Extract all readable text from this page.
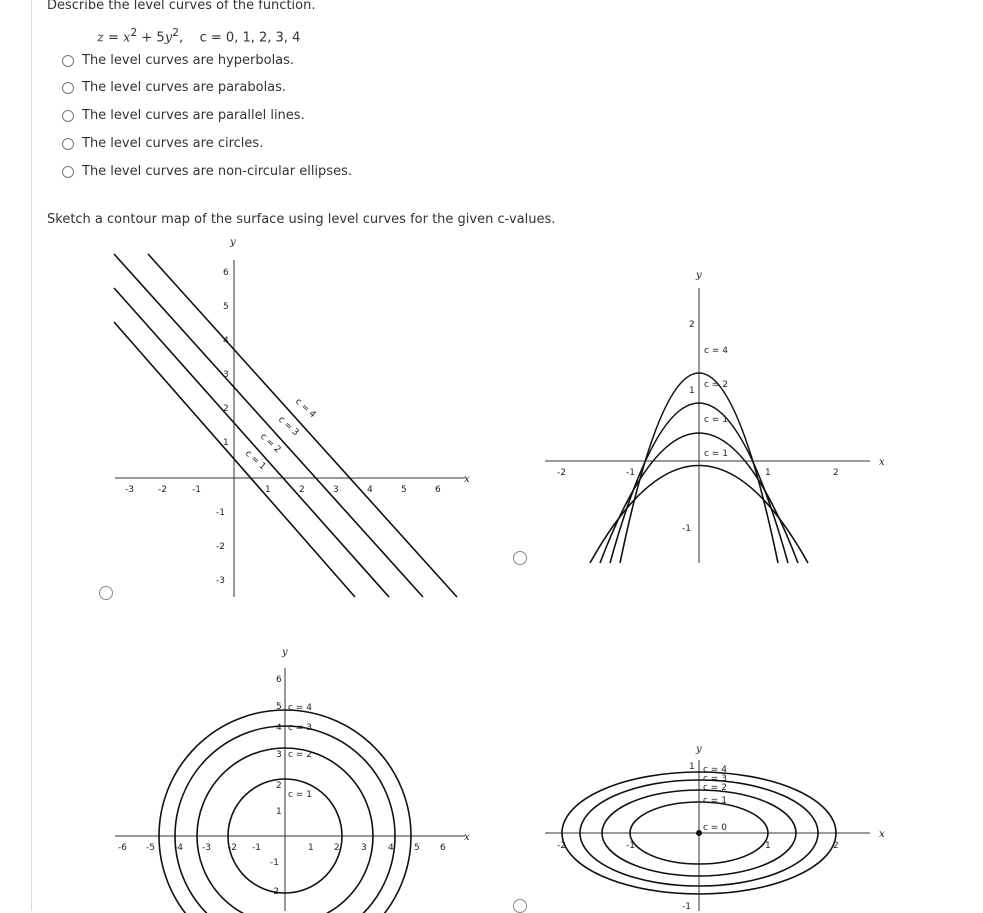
Describe the level curves of the function.
$z = x^2 + 5y^2$,    c = 0, 1, 2, 3, 4
The level curves are hyperbolas.
The level curves are parabolas.
The level curves are parallel lines.
The level curves are circles.
The level curves are non-circular ellipses.
Sketch a contour map of the surface using level curves for the given c-values.
x
y
-3	-2	-1	1	2	3	4	5	6
6
5
4
3
2
1
-1
-2
-3
c = 4
c = 3
c = 2
c = 1	x
y
-2	-1	1	2
2
1
-1
c = 4
c = 2
c = 1
c = 1
x
y
-6 -5 -4 -3 -2 -1	1 2 3 4 5 6
6
5
4
3
2
1
-1
-2
c = 4
c = 3
c = 2
c = 1
x
y
-2	-1	1	2
1
-1
c = 4
c = 3
c = 2
c = 1
c = 0
